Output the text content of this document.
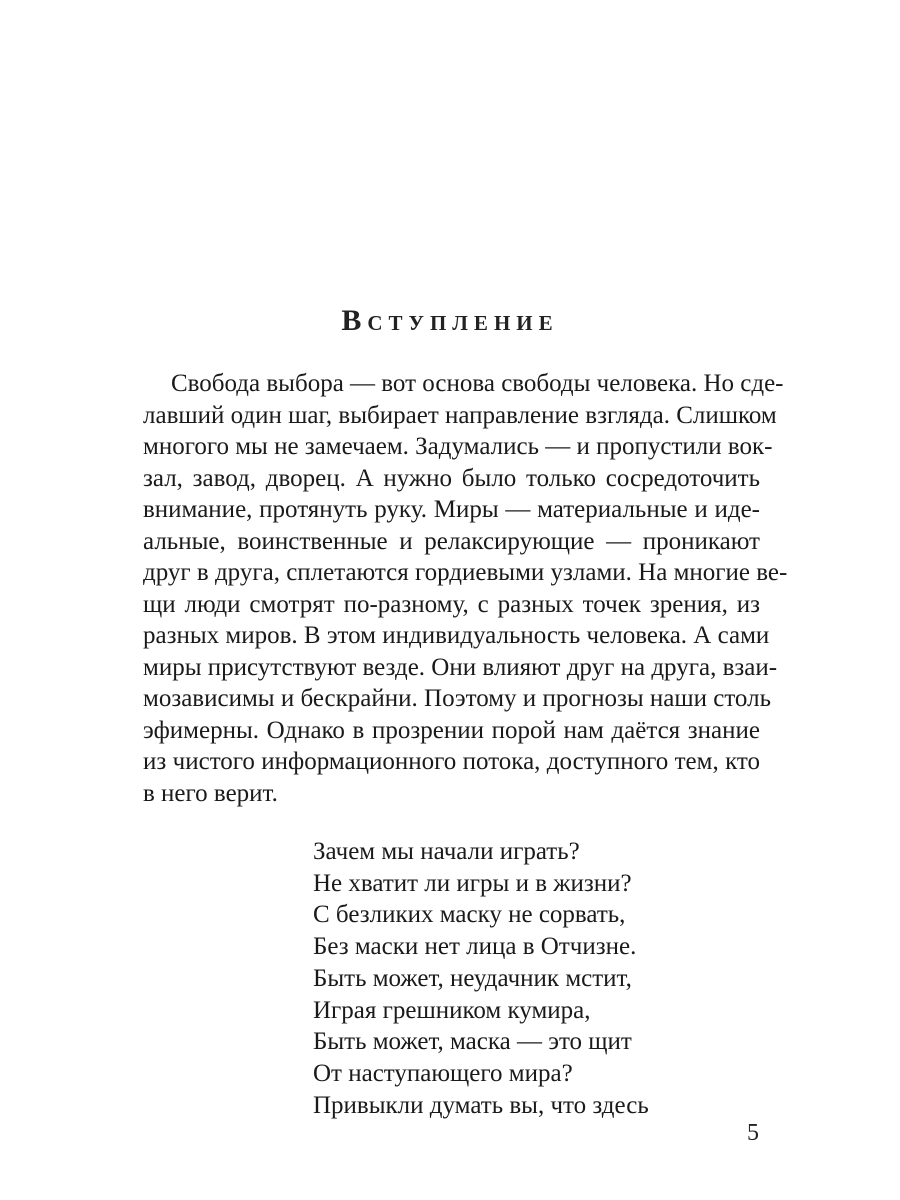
Вступление
Свобода выбора — вот основа свободы человека. Но сде-
лавший один шаг, выбирает направление взгляда. Слишком
многого мы не замечаем. Задумались — и пропустили вок-
зал, завод, дворец. А нужно было только сосредоточить
внимание, протянуть руку. Миры — материальные и иде-
альные, воинственные и релаксирующие — проникают
друг в друга, сплетаются гордиевыми узлами. На многие ве-
щи люди смотрят по-разному, с разных точек зрения, из
разных миров. В этом индивидуальность человека. А сами
миры присутствуют везде. Они влияют друг на друга, взаи-
мозависимы и бескрайни. Поэтому и прогнозы наши столь
эфимерны. Однако в прозрении порой нам даётся знание
из чистого информационного потока, доступного тем, кто
в него верит.
Зачем мы начали играть?
Не хватит ли игры и в жизни?
С безликих маску не сорвать,
Без маски нет лица в Отчизне.
Быть может, неудачник мстит,
Играя грешником кумира,
Быть может, маска — это щит
От наступающего мира?
Привыкли думать вы, что здесь
5
